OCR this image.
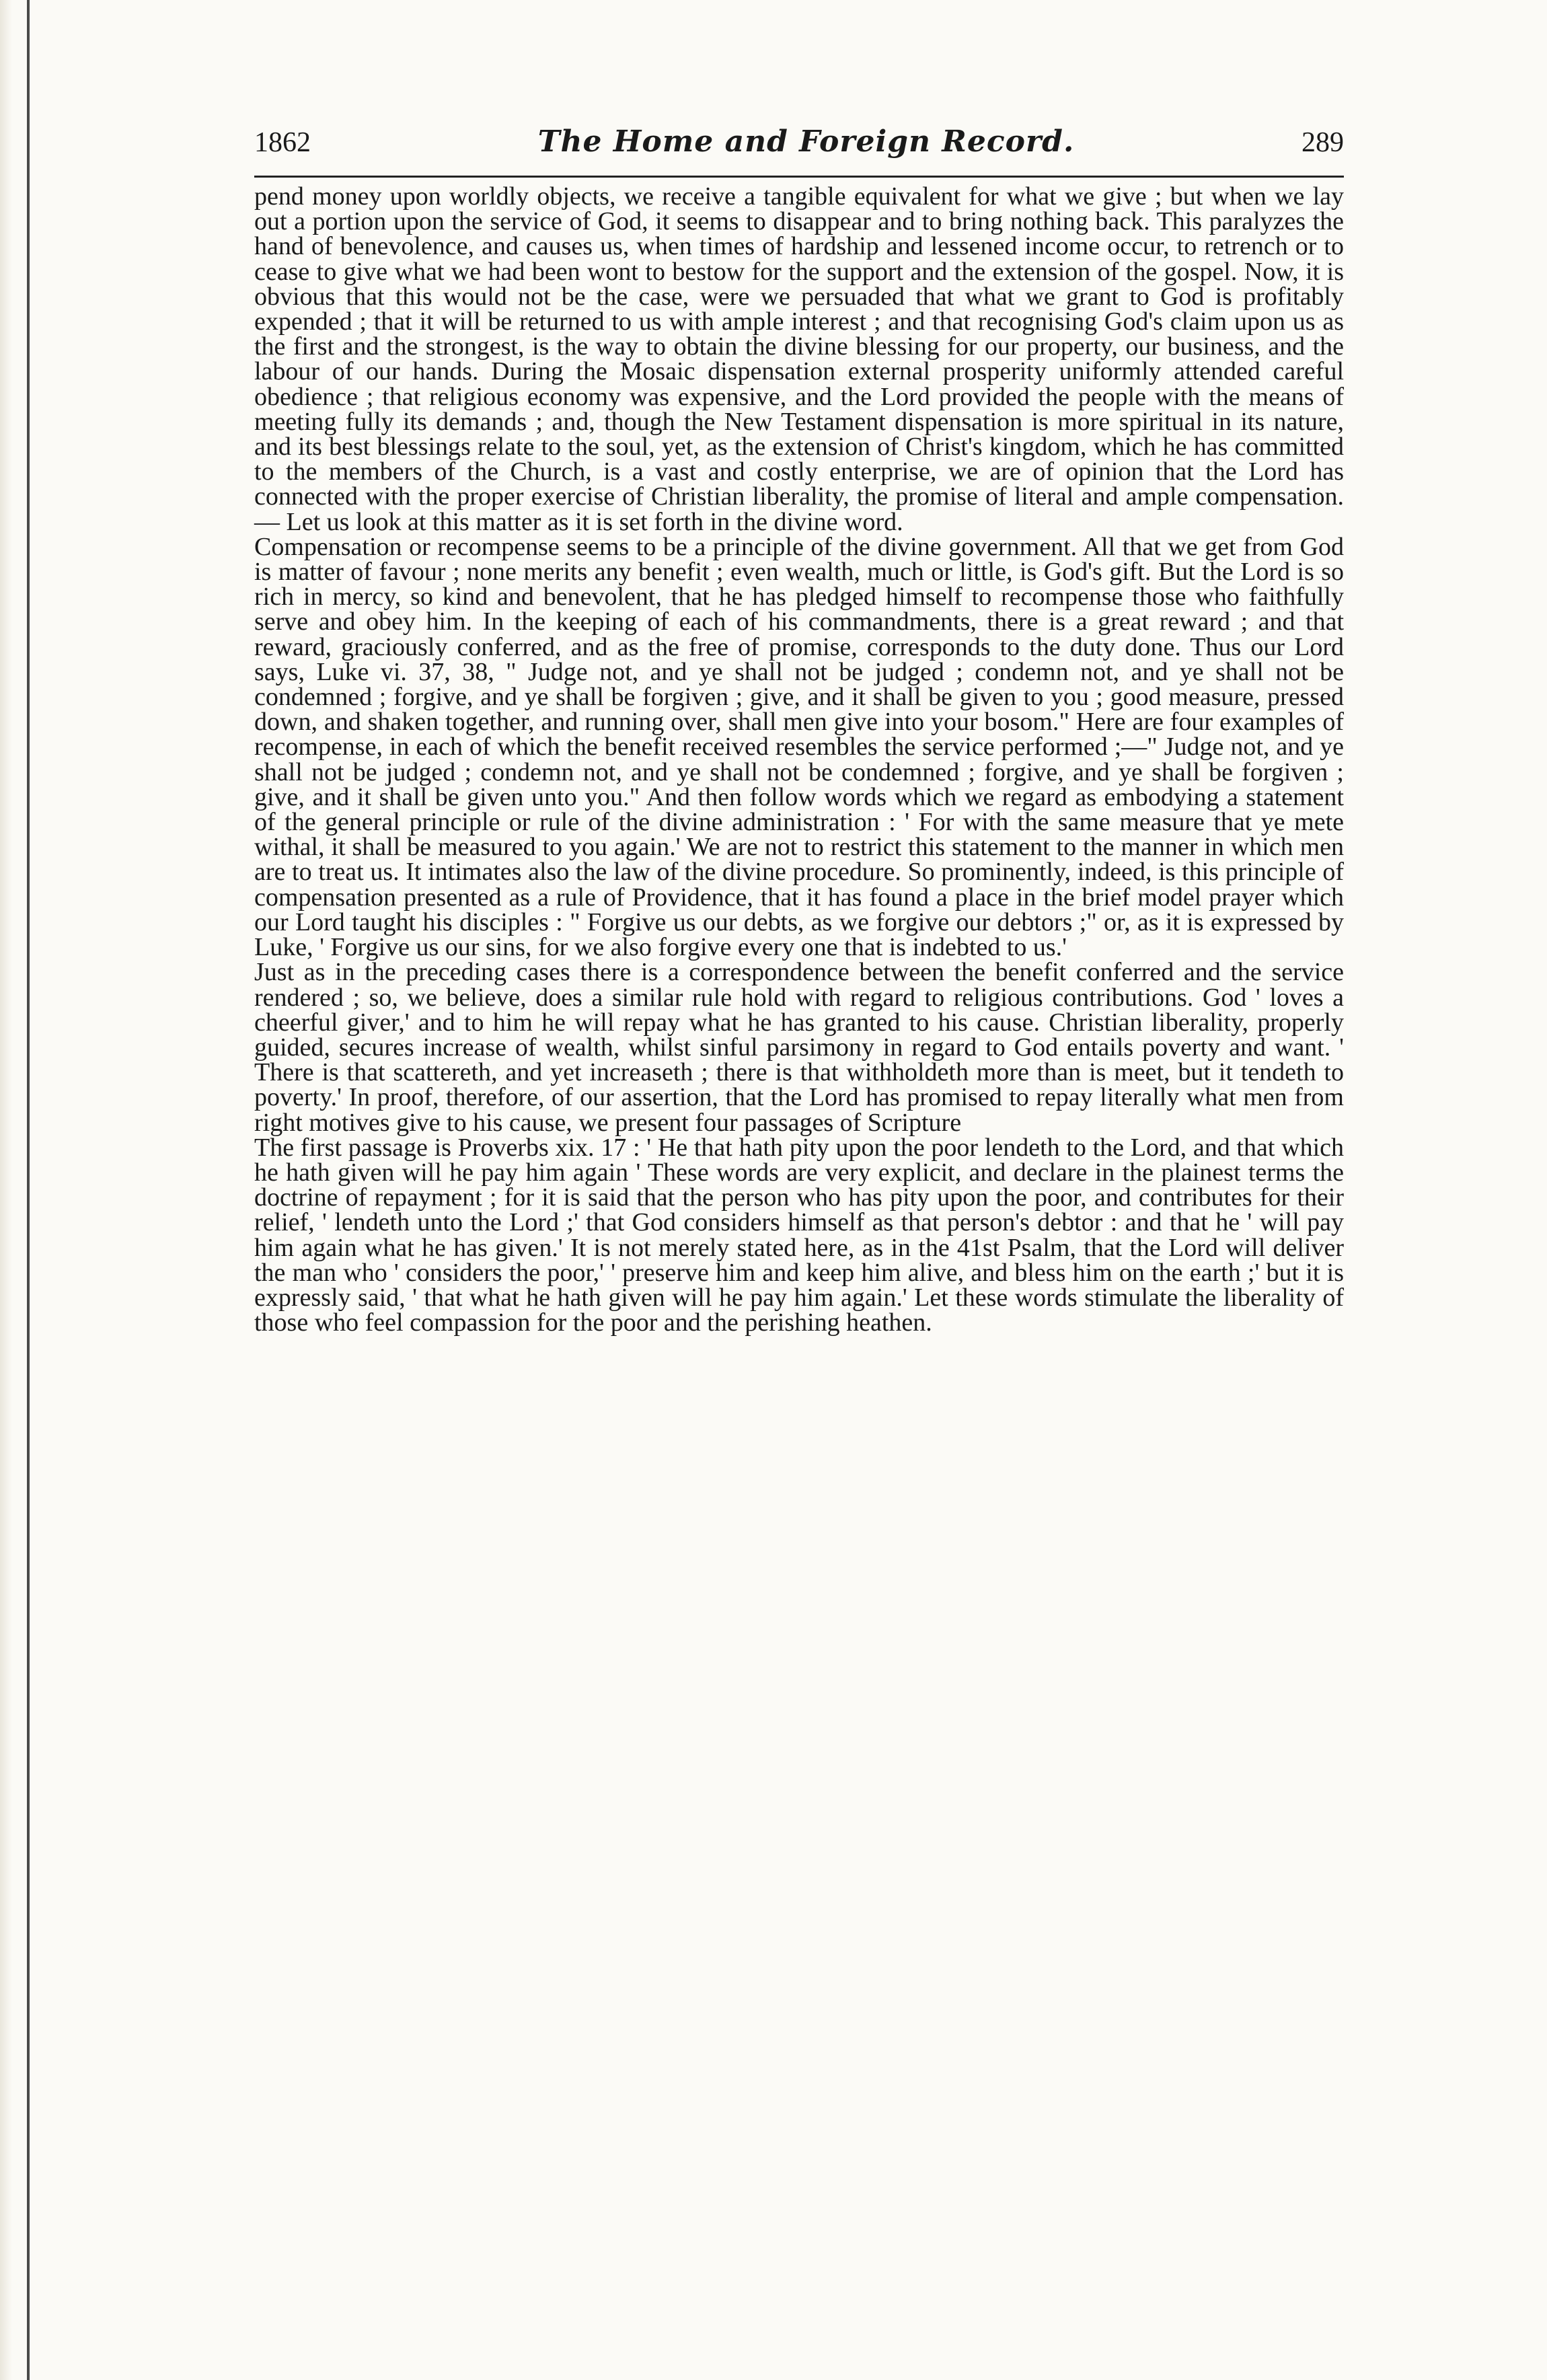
1862	The Home and Foreign Record.	289

pend money upon worldly objects, we receive a tangible equivalent for what we give ; but when we lay out a portion upon the service of God, it seems to disappear and to bring nothing back. This paralyzes the hand of benevolence, and causes us, when times of hardship and lessened income occur, to retrench or to cease to give what we had been wont to bestow for the support and the extension of the gospel. Now, it is obvious that this would not be the case, were we persuaded that what we grant to God is profitably expended ; that it will be returned to us with ample interest ; and that recognising God's claim upon us as the first and the strongest, is the way to obtain the divine blessing for our property, our business, and the labour of our hands. During the Mosaic dispensation external prosperity uniformly attended careful obedience ; that religious economy was expensive, and the Lord provided the people with the means of meeting fully its demands ; and, though the New Testament dispensation is more spiritual in its nature, and its best blessings relate to the soul, yet, as the extension of Christ's kingdom, which he has committed to the members of the Church, is a vast and costly enterprise, we are of opinion that the Lord has connected with the proper exercise of Christian liberality, the promise of literal and ample compensation.— Let us look at this matter as it is set forth in the divine word.

Compensation or recompense seems to be a principle of the divine government. All that we get from God is matter of favour ; none merits any benefit ; even wealth, much or little, is God's gift. But the Lord is so rich in mercy, so kind and benevolent, that he has pledged himself to recompense those who faithfully serve and obey him. In the keeping of each of his commandments, there is a great reward ; and that reward, graciously conferred, and as the free of promise, corresponds to the duty done. Thus our Lord says, Luke vi. 37, 38, " Judge not, and ye shall not be judged ; condemn not, and ye shall not be condemned ; forgive, and ye shall be forgiven ; give, and it shall be given to you ; good measure, pressed down, and shaken together, and running over, shall men give into your bosom." Here are four examples of recompense, in each of which the benefit received resembles the service performed ;—" Judge not, and ye shall not be judged ; condemn not, and ye shall not be condemned ; forgive, and ye shall be forgiven ; give, and it shall be given unto you." And then follow words which we regard as embodying a statement of the general principle or rule of the divine administration : ' For with the same measure that ye mete withal, it shall be measured to you again.' We are not to restrict this statement to the manner in which men are to treat us. It intimates also the law of the divine procedure. So prominently, indeed, is this principle of compensation presented as a rule of Providence, that it has found a place in the brief model prayer which our Lord taught his disciples : " Forgive us our debts, as we forgive our debtors ;" or, as it is expressed by Luke, ' Forgive us our sins, for we also forgive every one that is indebted to us.'

Just as in the preceding cases there is a correspondence between the benefit conferred and the service rendered ; so, we believe, does a similar rule hold with regard to religious contributions. God ' loves a cheerful giver,' and to him he will repay what he has granted to his cause. Christian liberality, properly guided, secures increase of wealth, whilst sinful parsimony in regard to God entails poverty and want. ' There is that scattereth, and yet increaseth ; there is that withholdeth more than is meet, but it tendeth to poverty.' In proof, therefore, of our assertion, that the Lord has promised to repay literally what men from right motives give to his cause, we present four passages of Scripture

The first passage is Proverbs xix. 17 : ' He that hath pity upon the poor lendeth to the Lord, and that which he hath given will he pay him again ' These words are very explicit, and declare in the plainest terms the doctrine of repayment ; for it is said that the person who has pity upon the poor, and contributes for their relief, ' lendeth unto the Lord ;' that God considers himself as that person's debtor : and that he ' will pay him again what he has given.' It is not merely stated here, as in the 41st Psalm, that the Lord will deliver the man who ' considers the poor,' ' preserve him and keep him alive, and bless him on the earth ;' but it is expressly said, ' that what he hath given will he pay him again.' Let these words stimulate the liberality of those who feel compassion for the poor and the perishing heathen.
